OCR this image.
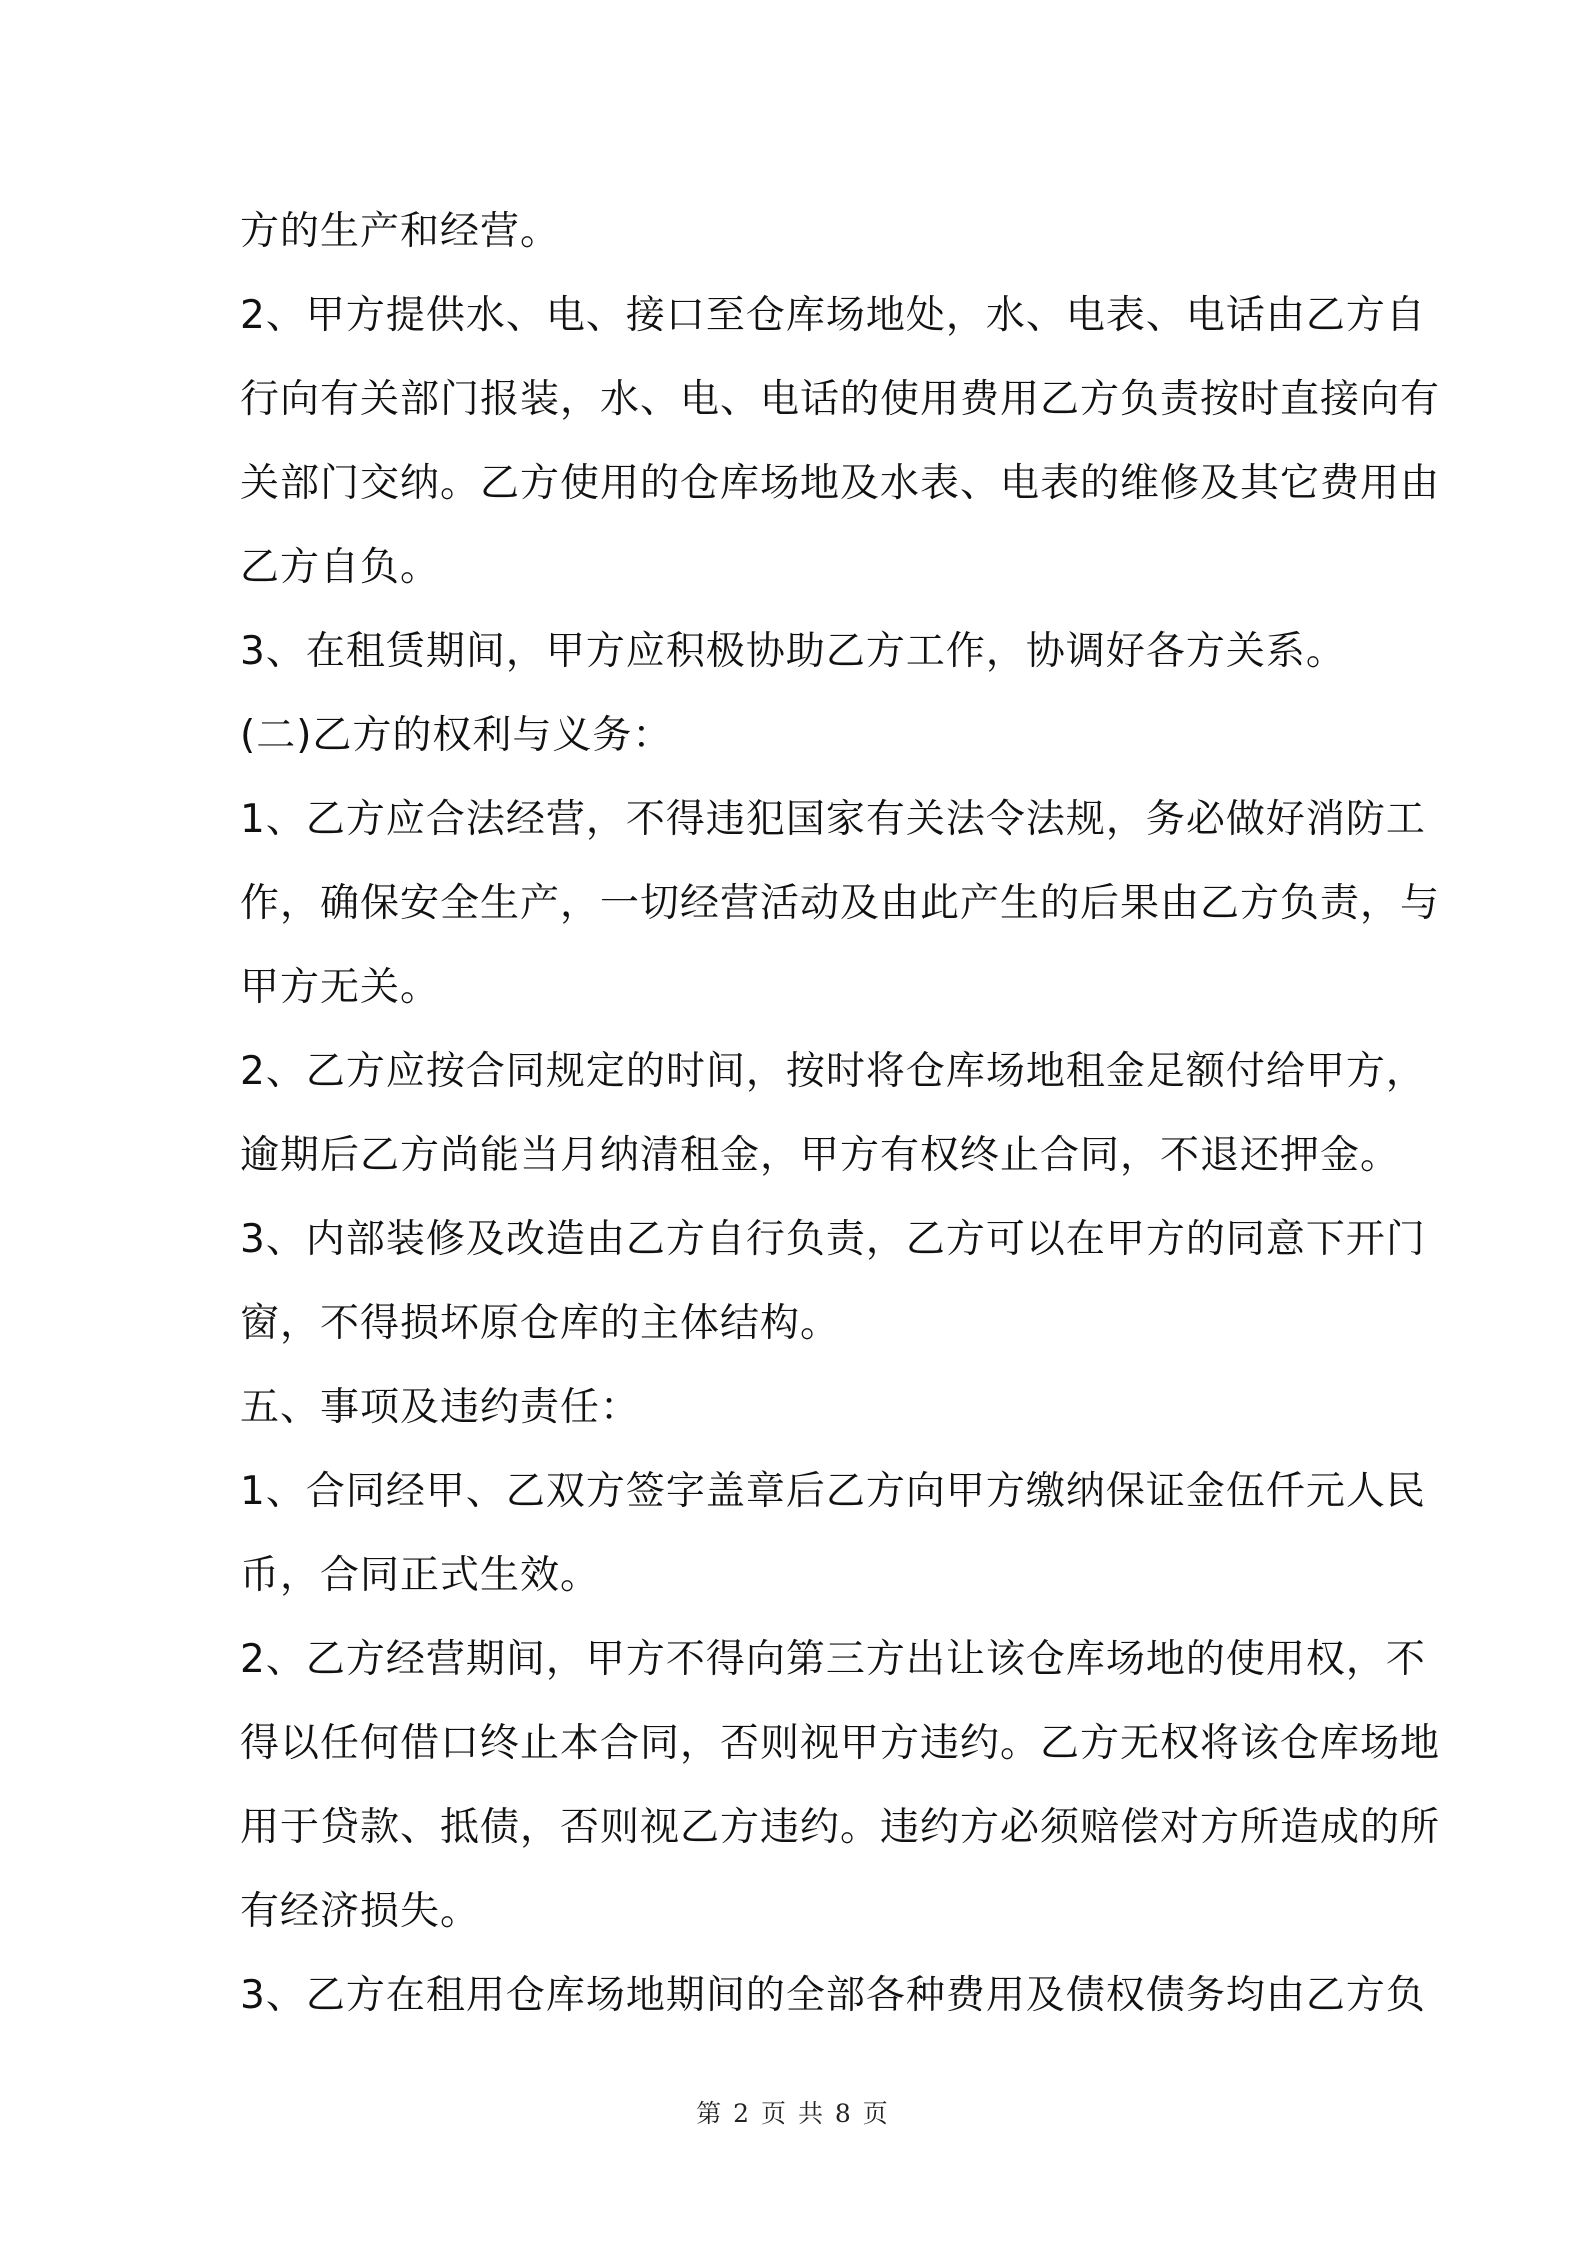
方的生产和经营。
2、甲方提供水、电、接口至仓库场地处，水、电表、电话由乙方自
行向有关部门报装，水、电、电话的使用费用乙方负责按时直接向有
关部门交纳。乙方使用的仓库场地及水表、电表的维修及其它费用由
乙方自负。
3、在租赁期间，甲方应积极协助乙方工作，协调好各方关系。
(二)乙方的权利与义务：
1、乙方应合法经营，不得违犯国家有关法令法规，务必做好消防工
作，确保安全生产，一切经营活动及由此产生的后果由乙方负责，与
甲方无关。
2、乙方应按合同规定的时间，按时将仓库场地租金足额付给甲方，
逾期后乙方尚能当月纳清租金，甲方有权终止合同，不退还押金。
3、内部装修及改造由乙方自行负责，乙方可以在甲方的同意下开门
窗，不得损坏原仓库的主体结构。
五、事项及违约责任：
1、合同经甲、乙双方签字盖章后乙方向甲方缴纳保证金伍仟元人民
币，合同正式生效。
2、乙方经营期间，甲方不得向第三方出让该仓库场地的使用权，不
得以任何借口终止本合同，否则视甲方违约。乙方无权将该仓库场地
用于贷款、抵债，否则视乙方违约。违约方必须赔偿对方所造成的所
有经济损失。
3、乙方在租用仓库场地期间的全部各种费用及债权债务均由乙方负
第 2 页 共 8 页
